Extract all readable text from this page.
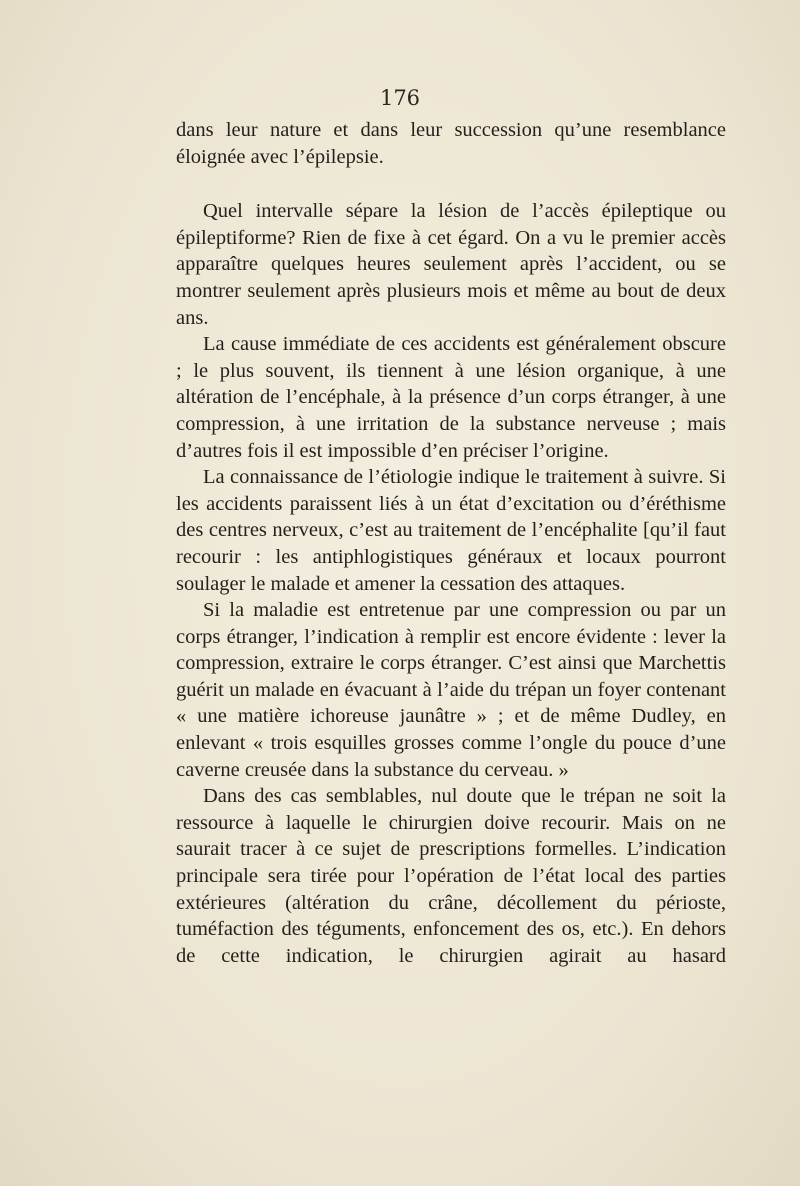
176

dans leur nature et dans leur succession qu’une resemblance éloignée avec l’épilepsie.

Quel intervalle sépare la lésion de l’accès épileptique ou épileptiforme? Rien de fixe à cet égard. On a vu le premier accès apparaître quelques heures seulement après l’accident, ou se montrer seulement après plusieurs mois et même au bout de deux ans.

La cause immédiate de ces accidents est généralement obscure ; le plus souvent, ils tiennent à une lésion organique, à une altération de l’encéphale, à la présence d’un corps étranger, à une compression, à une irritation de la substance nerveuse ; mais d’autres fois il est impossible d’en préciser l’origine.

La connaissance de l’étiologie indique le traitement à suivre. Si les accidents paraissent liés à un état d’excitation ou d’éréthisme des centres nerveux, c’est au traitement de l’encéphalite [qu’il faut recourir : les antiphlogistiques généraux et locaux pourront soulager le malade et amener la cessation des attaques.

Si la maladie est entretenue par une compression ou par un corps étranger, l’indication à remplir est encore évidente : lever la compression, extraire le corps étranger. C’est ainsi que Marchettis guérit un malade en évacuant à l’aide du trépan un foyer contenant « une matière ichoreuse jaunâtre » ; et de même Dudley, en enlevant « trois esquilles grosses comme l’ongle du pouce d’une caverne creusée dans la substance du cerveau. »

Dans des cas semblables, nul doute que le trépan ne soit la ressource à laquelle le chirurgien doive recourir. Mais on ne saurait tracer à ce sujet de prescriptions formelles. L’indication principale sera tirée pour l’opération de l’état local des parties extérieures (altération du crâne, décollement du périoste, tuméfaction des téguments, enfoncement des os, etc.). En dehors de cette indication, le chirurgien agirait au hasard
